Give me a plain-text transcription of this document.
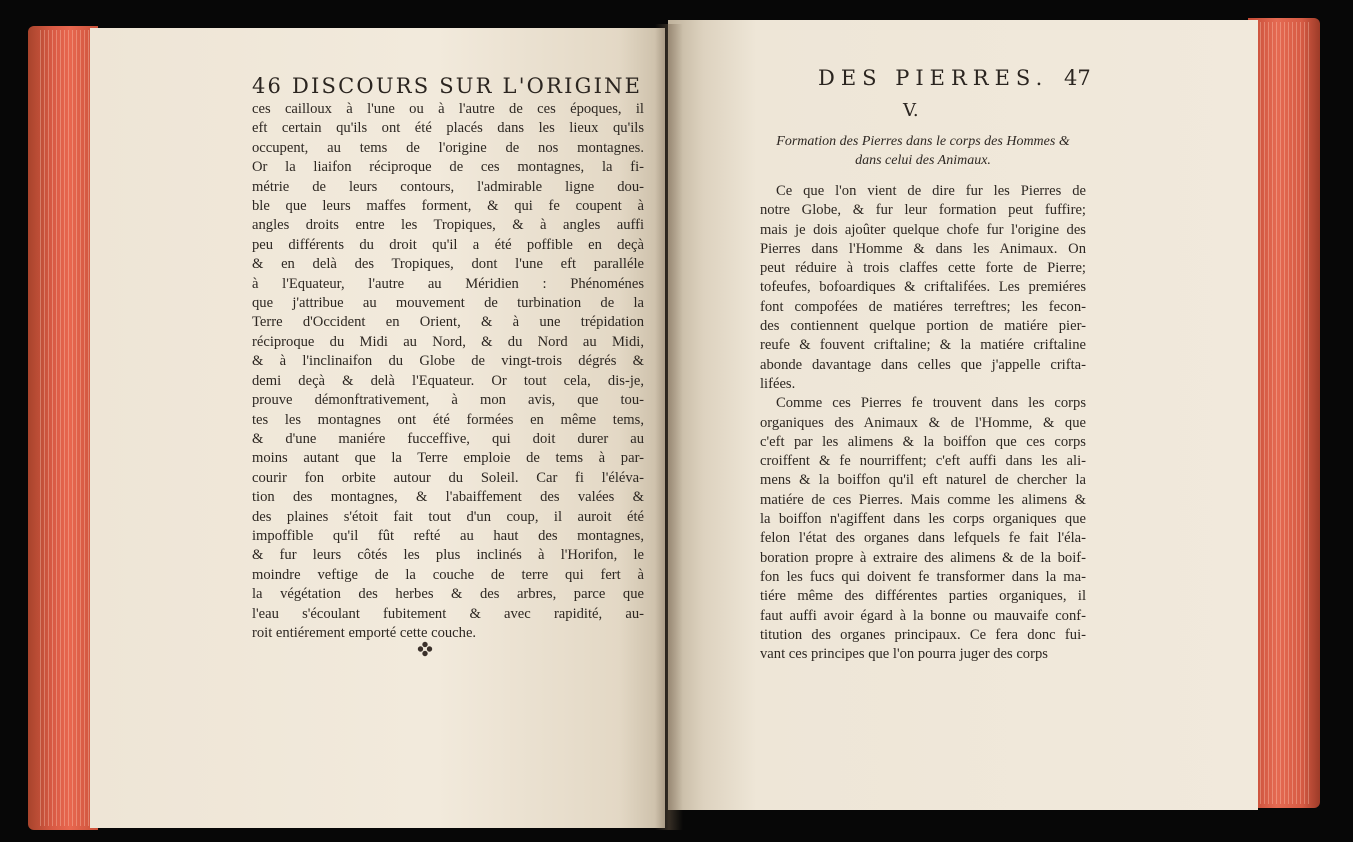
46 DISCOURS SUR L'ORIGINE
ces cailloux à l'une ou à l'autre de ces époques, il
eft certain qu'ils ont été placés dans les lieux qu'ils
occupent, au tems de l'origine de nos montagnes.
Or la liaifon réciproque de ces montagnes, la fi-
métrie de leurs contours, l'admirable ligne dou-
ble que leurs maffes forment, & qui fe coupent à
angles droits entre les Tropiques, & à angles auffi
peu différents du droit qu'il a été poffible en deçà
& en delà des Tropiques, dont l'une eft paralléle
à l'Equateur, l'autre au Méridien : Phénoménes
que j'attribue au mouvement de turbination de la
Terre d'Occident en Orient, & à une trépidation
réciproque du Midi au Nord, & du Nord au Midi,
& à l'inclinaifon du Globe de vingt-trois dégrés &
demi deçà & delà l'Equateur. Or tout cela, dis-je,
prouve démonftrativement, à mon avis, que tou-
tes les montagnes ont été formées en même tems,
& d'une maniére fucceffive, qui doit durer au
moins autant que la Terre emploie de tems à par-
courir fon orbite autour du Soleil. Car fi l'éléva-
tion des montagnes, & l'abaiffement des valées &
des plaines s'étoit fait tout d'un coup, il auroit été
impoffible qu'il fût refté au haut des montagnes,
& fur leurs côtés les plus inclinés à l'Horifon, le
moindre veftige de la couche de terre qui fert à
la végétation des herbes & des arbres, parce que
l'eau s'écoulant fubitement & avec rapidité, au-
roit entiérement emporté cette couche.
DES PIERRES. 47
V.
Formation des Pierres dans le corps des Hommes &
dans celui des Animaux.
Ce que l'on vient de dire fur les Pierres de
notre Globe, & fur leur formation peut fuffire;
mais je dois ajoûter quelque chofe fur l'origine des
Pierres dans l'Homme & dans les Animaux. On
peut réduire à trois claffes cette forte de Pierre;
tofeufes, bofoardiques & criftalifées. Les premiéres
font compofées de matiéres terreftres; les fecon-
des contiennent quelque portion de matiére pier-
reufe & fouvent criftaline; & la matiére criftaline
abonde davantage dans celles que j'appelle crifta-
lifées.
Comme ces Pierres fe trouvent dans les corps
organiques des Animaux & de l'Homme, & que
c'eft par les alimens & la boiffon que ces corps
croiffent & fe nourriffent; c'eft auffi dans les ali-
mens & la boiffon qu'il eft naturel de chercher la
matiére de ces Pierres. Mais comme les alimens &
la boiffon n'agiffent dans les corps organiques que
felon l'état des organes dans lefquels fe fait l'éla-
boration propre à extraire des alimens & de la boif-
fon les fucs qui doivent fe transformer dans la ma-
tiére même des différentes parties organiques, il
faut auffi avoir égard à la bonne ou mauvaife conf-
titution des organes principaux. Ce fera donc fui-
vant ces principes que l'on pourra juger des corps
